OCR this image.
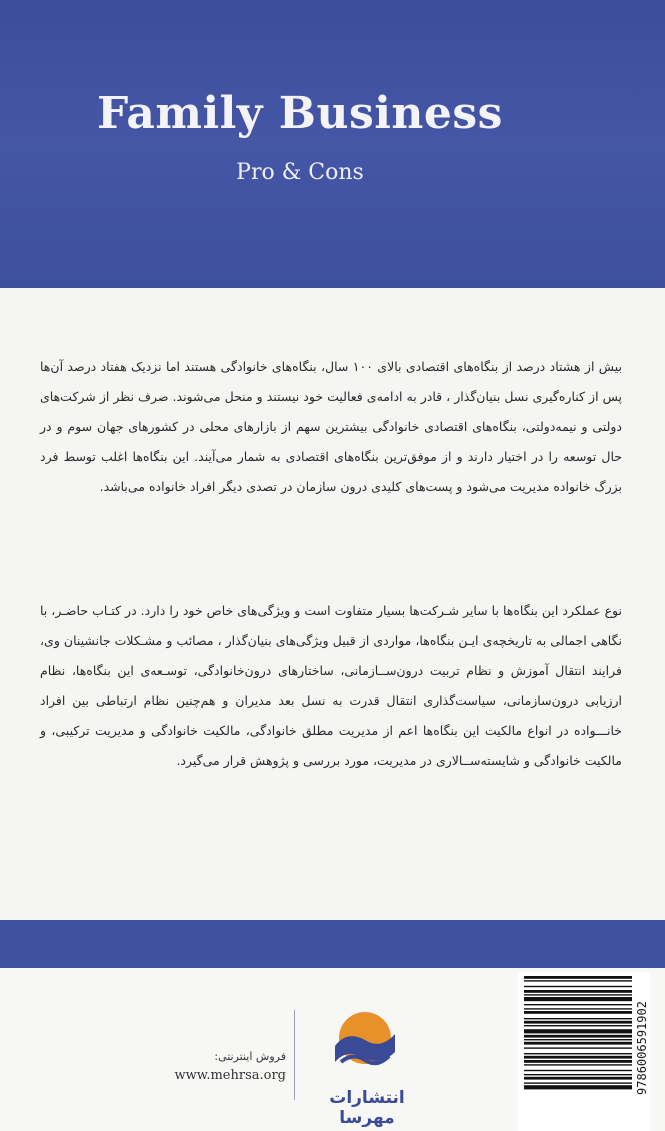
Family Business
Pro & Cons
بیش از هشتاد درصد از بنگاه‌های اقتصادی بالای ۱۰۰ سال، بنگاه‌های خانوادگی هستند اما نزدیک هفتاد درصد آن‌ها پس از کناره‌گیری نسل بنیان‌گذار ، قادر به ادامه‌ی فعالیت خود نیستند و منحل می‌شوند. صرف نظر از شرکت‌های دولتی و نیمه‌دولتی، بنگاه‌های اقتصادی خانوادگی بیشترین سهم از بازارهای محلی در کشورهای جهان سوم و در حال توسعه را در اختیار دارند و از موفق‌ترین بنگاه‌های اقتصادی به شمار می‌آیند. این بنگاه‌ها اغلب توسط فرد بزرگ خانواده مدیریت می‌شود و پست‌های کلیدی درون سازمان در تصدی دیگر افراد خانواده می‌باشد.
نوع عملکرد این بنگاه‌ها با سایر شـرکت‌ها بسیار متفاوت است و ویژگی‌های خاص خود را دارد. در کتـاب حاضـر، با نگاهی اجمالی به تاریخچه‌ی ایـن بنگاه‌ها، مواردی از قبیل ویژگی‌های بنیان‌گذار ، مصائب و مشـکلات جانشینان وی، فرایند انتقال آموزش و نظام تربیت درون‌ســازمانی، ساختارهای درون‌خانوادگی، توسـعه‌ی این بنگاه‌ها، نظام ارزیابی درون‌سازمانی، سیاست‌گذاری انتقال قدرت به نسل بعد مدیران و هم‌چنین نظام ارتباطی بین افراد خانـــواده در انواع مالکیت این بنگاه‌ها اعم از مدیریت مطلق خانوادگی، مالکیت خانوادگی و مدیریت ترکیبی، و مالکیت خانوادگی و شایسته‌ســالاری در مدیریت، مورد بررسی و پژوهش قرار می‌گیرد.
فروش اینترنتی:
www.mehrsa.org
انتشارات مهرسا
9786006591902
